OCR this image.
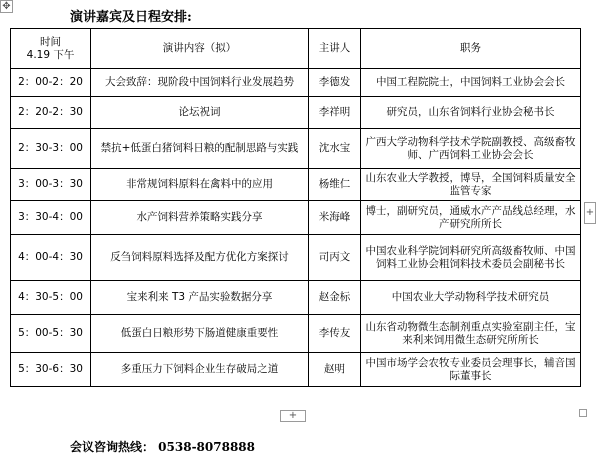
✥
演讲嘉宾及日程安排:
时间
4.19 下午	演讲内容（拟）	主讲人	职务
2：00-2：20	大会致辞：现阶段中国饲料行业发展趋势	李德发	中国工程院院士，中国饲料工业协会会长
2：20-2：30	论坛祝词	李祥明	研究员，山东省饲料行业协会秘书长
2：30-3：00	禁抗+低蛋白猪饲料日粮的配制思路与实践	沈水宝	广西大学动物科学技术学院副教授、高级畜牧师、广西饲料工业协会会长
3：00-3：30	非常规饲料原料在禽料中的应用	杨维仁	山东农业大学教授，博导，全国饲料质量安全监管专家
3：30-4：00	水产饲料营养策略实践分享	米海峰	博士，副研究员，通威水产产品线总经理，水产研究所所长
4：00-4：30	反刍饲料原料选择及配方优化方案探讨	司丙文	中国农业科学院饲料研究所高级畜牧师、中国饲料工业协会粗饲料技术委员会副秘书长
4：30-5：00	宝来利来 T3 产品实验数据分享	赵金标	中国农业大学动物科学技术研究员
5：00-5：30	低蛋白日粮形势下肠道健康重要性	李传友	山东省动物微生态制剂重点实验室副主任，宝来利来饲用微生态研究所所长
5：30-6：30	多重压力下饲料企业生存破局之道	赵明	中国市场学会农牧专业委员会理事长，辅音国际董事长
+
+
会议咨询热线： 0538-8078888
